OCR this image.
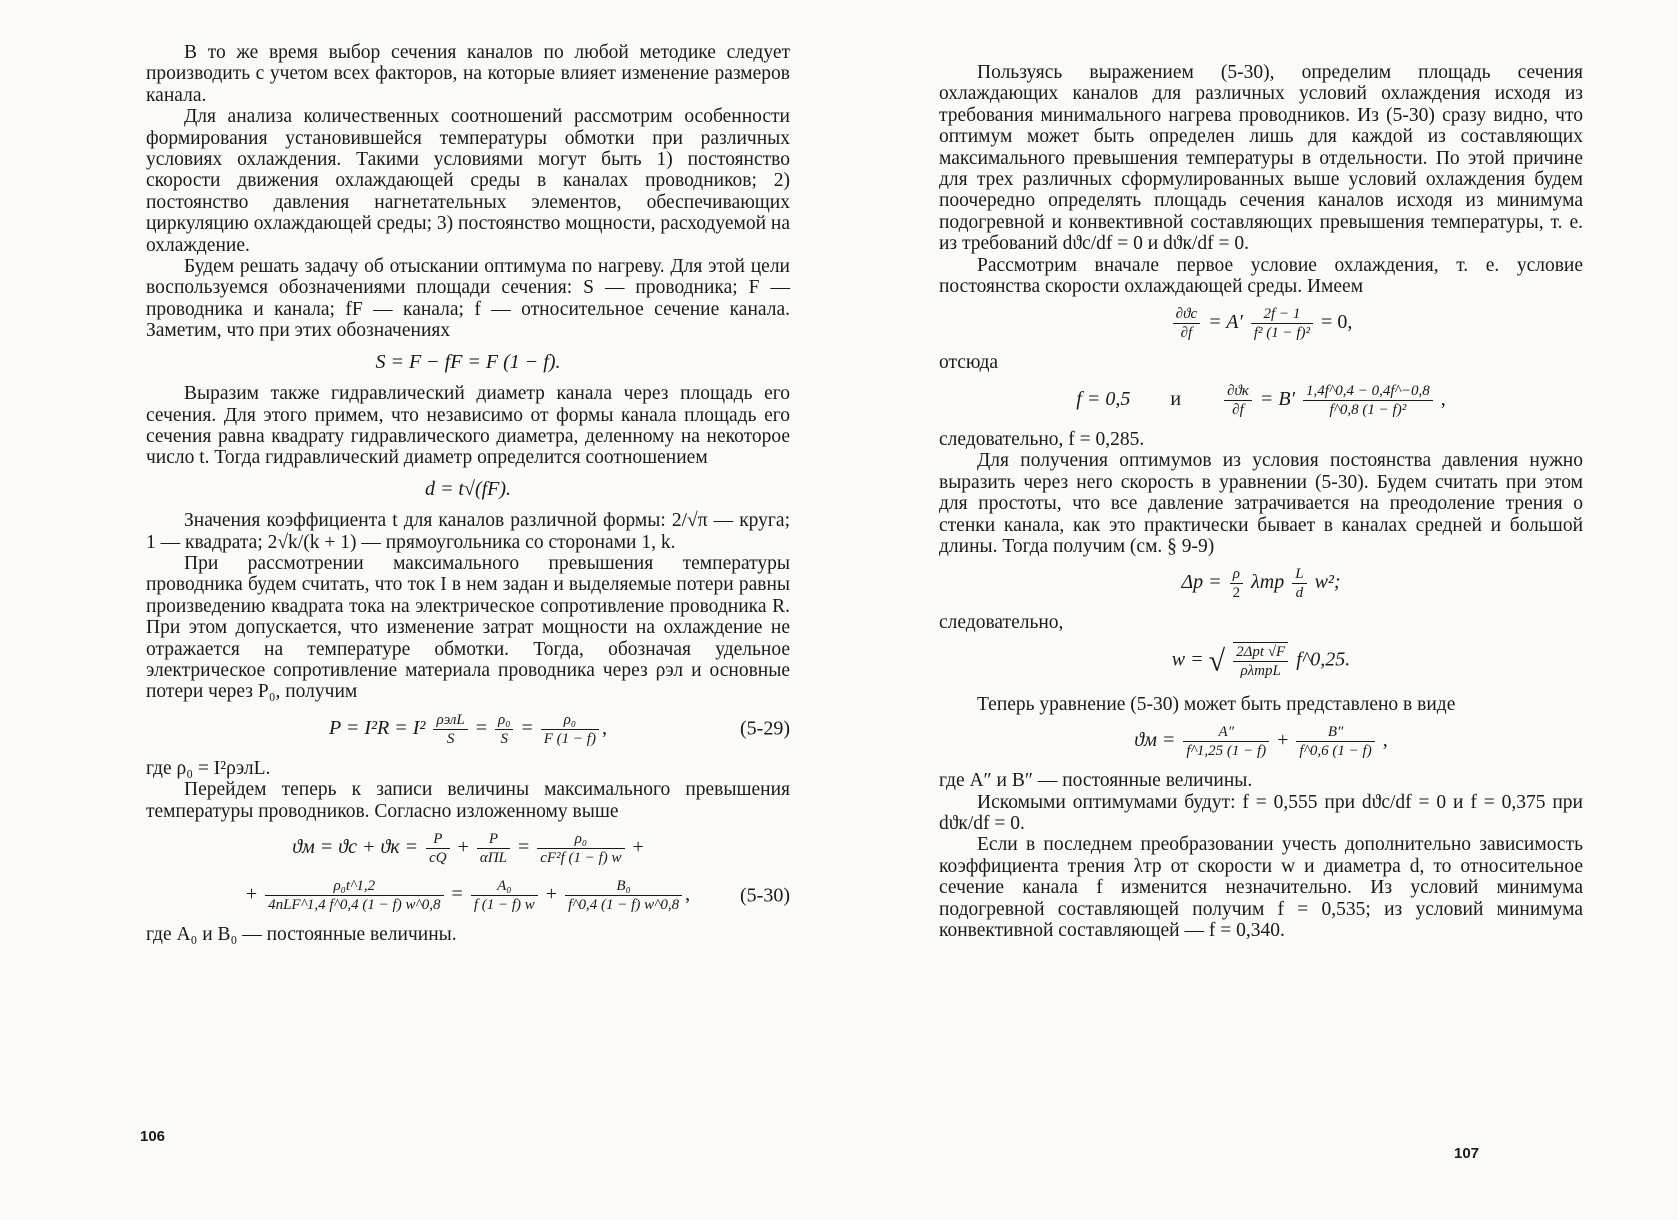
В то же время выбор сечения каналов по любой методике следует производить с учетом всех факторов, на которые влияет изменение размеров канала.

Для анализа количественных соотношений рассмотрим особенности формирования установившейся температуры обмотки при различных условиях охлаждения. Такими условиями могут быть 1) постоянство скорости движения охлаждающей среды в каналах проводников; 2) постоянство давления нагнетательных элементов, обеспечивающих циркуляцию охлаждающей среды; 3) постоянство мощности, расходуемой на охлаждение.

Будем решать задачу об отыскании оптимума по нагреву. Для этой цели воспользуемся обозначениями площади сечения: S — проводника; F — проводника и канала; fF — канала; f — относительное сечение канала. Заметим, что при этих обозначениях

S = F − fF = F (1 − f).

Выразим также гидравлический диаметр канала через площадь его сечения. Для этого примем, что независимо от формы канала площадь его сечения равна квадрату гидравлического диаметра, деленному на некоторое число t. Тогда гидравлический диаметр определится соотношением

d = t√(fF).

Значения коэффициента t для каналов различной формы: 2/√π — круга; 1 — квадрата; 2√k/(k + 1) — прямоугольника со сторонами 1, k.

При рассмотрении максимального превышения температуры проводника будем считать, что ток I в нем задан и выделяемые потери равны произведению квадрата тока на электрическое сопротивление проводника R. При этом допускается, что изменение затрат мощности на охлаждение не отражается на температуре обмотки. Тогда, обозначая удельное электрическое сопротивление материала проводника через ρэл и основные потери через P₀, получим

$P = I^2R = I^2 \frac{\text{ρэлL}}{S} = \frac{\text{ρ₀}}{S} = \frac{\text{ρ₀}}{F (1 - f)}$ ,	(5-29)

где ρ₀ = I²ρэлL.

Перейдем теперь к записи величины максимального превышения температуры проводников. Согласно изложенному выше

$ϑм = ϑс + ϑк = \frac{P}{cQ} + \frac{P}{\text{αΠL}} = \frac{\text{ρ₀}}{\text{cF²f (1 − f) w}}$ +
+ $\frac{\text{ρ₀t\textasciicircum{}1,2}}{\text{4nLF\textasciicircum{}1,4 f\textasciicircum{}0,4 (1 − f) w\textasciicircum{}0,8}} = \frac{\text{A₀}}{f (1 - f) w} + \frac{\text{B₀}}{f\^{}0,4 (1 - f) w\^{}0,8}$ , (5-30)

где A₀ и B₀ — постоянные величины.

106

Пользуясь выражением (5-30), определим площадь сечения охлаждающих каналов для различных условий охлаждения исходя из требования минимального нагрева проводников. Из (5-30) сразу видно, что оптимум может быть определен лишь для каждой из составляющих максимального превышения температуры в отдельности. По этой причине для трех различных сформулированных выше условий охлаждения будем поочередно определять площадь сечения каналов исходя из минимума подогревной и конвективной составляющих превышения температуры, т. е. из требований dϑс/df = 0 и dϑк/df = 0.

Рассмотрим вначале первое условие охлаждения, т. е. условие постоянства скорости охлаждающей среды. Имеем

$\frac{\partial ϑс}{\partial f} = A' \frac{2f - 1}{\text{f² (1 − f)²}} = 0$,

отсюда

f = 0,5 и	$\frac{\partial ϑк}{\partial f} = B' \frac{1,4f\^{}0,4 - 0,4f\^{}-0,8}{\text{f\textasciicircum{}0,8 (1 − f)²}}$ ,

следовательно, f = 0,285.

Для получения оптимумов из условия постоянства давления нужно выразить через него скорость в уравнении (5-30). Будем считать при этом для простоты, что все давление затрачивается на преодоление трения о стенки канала, как это практически бывает в каналах средней и большой длины. Тогда получим (см. § 9-9)

$\Delta p = \frac{\rho}{2}$ λтр $\frac{L}{d} w^2$;

следовательно,

w = √ $\frac{\text{2Δpt √F}}{\text{ρλтрL}}$ f^0,25.

Теперь уравнение (5-30) может быть представлено в виде

$ϑм = \frac{A''}{f\^{}1,25 (1 - f)} + \frac{B''}{f\^{}0,6 (1 - f)}$ ,

где A″ и B″ — постоянные величины.

Искомыми оптимумами будут: f = 0,555 при dϑс/df = 0 и f = 0,375 при dϑк/df = 0.

Если в последнем преобразовании учесть дополнительно зависимость коэффициента трения λтр от скорости w и диаметра d, то относительное сечение канала f изменится незначительно. Из условий минимума подогревной составляющей получим f = 0,535; из условий минимума конвективной составляющей — f = 0,340.

107
